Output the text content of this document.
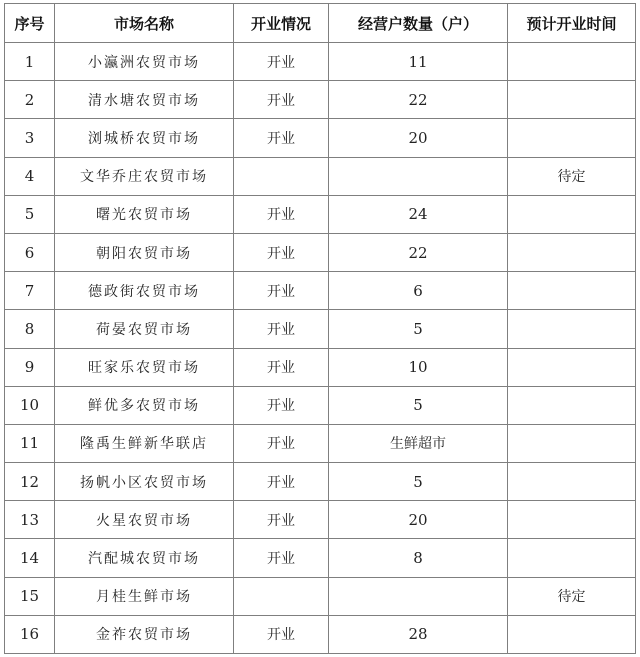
序号	市场名称	开业情况	经营户数量（户）	预计开业时间
1	小瀛洲农贸市场	开业	11	
2	清水塘农贸市场	开业	22	
3	浏城桥农贸市场	开业	20	
4	文华乔庄农贸市场			待定
5	曙光农贸市场	开业	24	
6	朝阳农贸市场	开业	22	
7	德政街农贸市场	开业	6	
8	荷晏农贸市场	开业	5	
9	旺家乐农贸市场	开业	10	
10	鲜优多农贸市场	开业	5	
11	隆禹生鲜新华联店	开业	生鲜超市	
12	扬帆小区农贸市场	开业	5	
13	火星农贸市场	开业	20	
14	汽配城农贸市场	开业	8	
15	月桂生鲜市场			待定
16	金祚农贸市场	开业	28	
